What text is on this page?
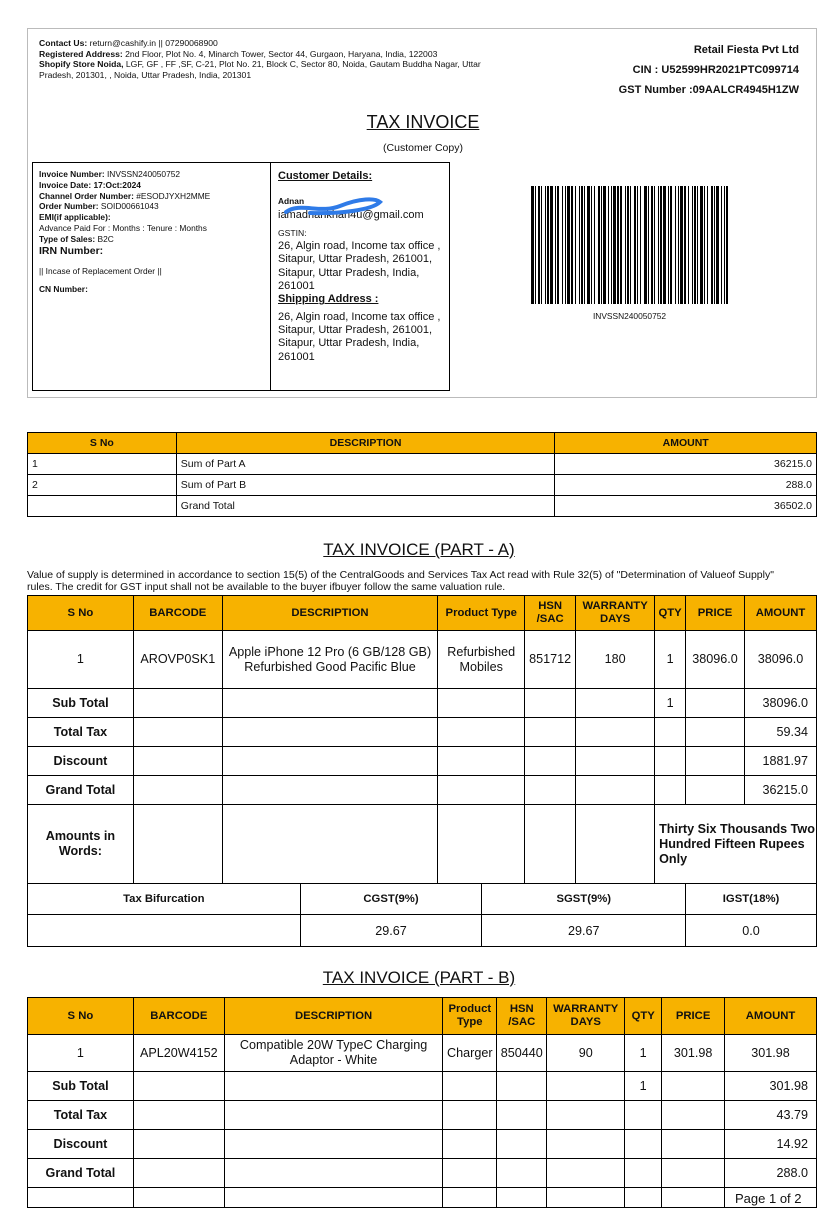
Contact Us: return@cashify.in || 07290068900
Registered Address: 2nd Floor, Plot No. 4, Minarch Tower, Sector 44, Gurgaon, Haryana, India, 122003
Shopify Store Noida, LGF, GF , FF ,SF, C-21, Plot No. 21, Block C, Sector 80, Noida, Gautam Buddha Nagar, Uttar Pradesh, 201301, , Noida, Uttar Pradesh, India, 201301
Retail Fiesta Pvt Ltd
CIN : U52599HR2021PTC099714
GST Number :09AALCR4945H1ZW
TAX INVOICE
(Customer Copy)
Invoice Number: INVSSN240050752
Invoice Date: 17:Oct:2024
Channel Order Number: #ESODJYXH2MME
Order Number: SOID00661043
EMI(if applicable):
Advance Paid For : Months : Tenure : Months
Type of Sales: B2C
IRN Number:
|| Incase of Replacement Order ||
CN Number:
Customer Details:
Adnan
iamadnankhan4u@gmail.com
GSTIN:
26, Algin road, Income tax office , Sitapur, Uttar Pradesh, 261001, Sitapur, Uttar Pradesh, India, 261001
Shipping Address :
26, Algin road, Income tax office , Sitapur, Uttar Pradesh, 261001, Sitapur, Uttar Pradesh, India, 261001
INVSSN240050752
S No	DESCRIPTION	AMOUNT
1	Sum of Part A	36215.0
2	Sum of Part B	288.0
	Grand Total	36502.0
TAX INVOICE (PART - A)
Value of supply is determined in accordance to section 15(5) of the CentralGoods and Services Tax Act read with Rule 32(5) of "Determination of Valueof Supply" rules. The credit for GST input shall not be available to the buyer ifbuyer follow the same valuation rule.
S No	BARCODE	DESCRIPTION	Product Type	HSN /SAC	WARRANTY DAYS	QTY	PRICE	AMOUNT
1	AROVP0SK1	Apple iPhone 12 Pro (6 GB/128 GB) Refurbished Good Pacific Blue	Refurbished Mobiles	851712	180	1	38096.0	38096.0
Sub Total						1		38096.0
Total Tax								59.34
Discount								1881.97
Grand Total								36215.0
Amounts in Words:						Thirty Six Thousands Two Hundred Fifteen Rupees Only		
Tax Bifurcation	CGST(9%)	SGST(9%)	IGST(18%)
	29.67	29.67	0.0
TAX INVOICE (PART - B)
S No	BARCODE	DESCRIPTION	Product Type	HSN /SAC	WARRANTY DAYS	QTY	PRICE	AMOUNT
1	APL20W4152	Compatible 20W TypeC Charging Adaptor - White	Charger	850440	90	1	301.98	301.98
Sub Total						1		301.98
Total Tax								43.79
Discount								14.92
Grand Total								288.0

Page 1 of 2
